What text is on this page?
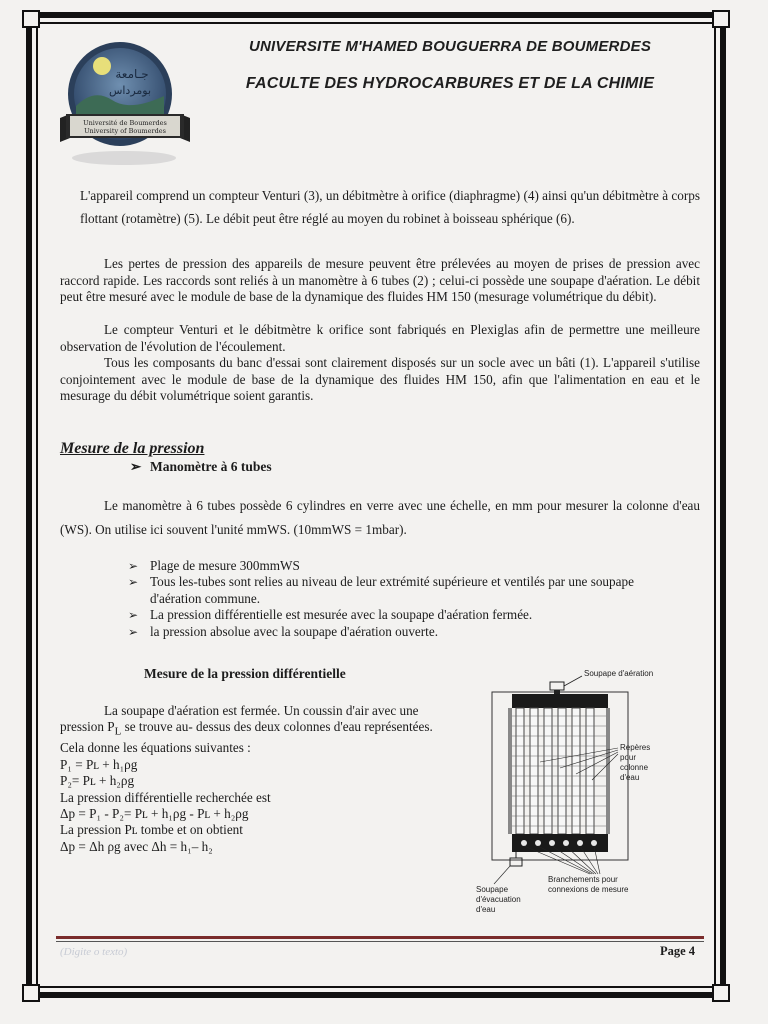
جـامعة
بومرداس
Université de Boumerdes
University of Boumerdes
UNIVERSITE M'HAMED BOUGUERRA DE BOUMERDES
FACULTE DES HYDROCARBURES ET DE LA CHIMIE

L'appareil comprend un compteur Venturi (3), un débitmètre à orifice (diaphragme) (4) ainsi qu'un débitmètre à corps flottant (rotamètre) (5). Le débit peut être réglé au moyen du robinet à boisseau sphérique (6).

Les pertes de pression des appareils de mesure peuvent être prélevées au moyen de prises de pression avec raccord rapide. Les raccords sont reliés à un manomètre à 6 tubes (2) ; celui-ci possède une soupape d'aération. Le débit peut être mesuré avec le module de base de la dynamique des fluides HM 150 (mesurage volumétrique du débit).

Le compteur Venturi et le débitmètre k orifice sont fabriqués en Plexiglas afin de permettre une meilleure observation de l'évolution de l'écoulement.

Tous les composants du banc d'essai sont clairement disposés sur un socle avec un bâti (1). L'appareil s'utilise conjointement avec le module de base de la dynamique des fluides HM 150, afin que l'alimentation en eau et le mesurage du débit volumétrique soient garantis.

Mesure de la pression
➢ Manomètre à 6 tubes

Le manomètre à 6 tubes possède 6 cylindres en verre avec une échelle, en mm pour mesurer la colonne d'eau (WS). On utilise ici souvent l'unité mmWS. (10mmWS = 1mbar).

➢ Plage de mesure 300mmWS
➢ Tous les-tubes sont relies au niveau de leur extrémité supérieure et ventilés par une soupape d'aération commune.
➢ La pression différentielle est mesurée avec la soupape d'aération fermée.
➢ la pression absolue avec la soupape d'aération ouverte.
Mesure de la pression différentielle
La soupape d'aération est fermée. Un coussin d'air avec une pression $P_L$ se trouve au- dessus des deux colonnes d'eau représentées.
Cela donne les équations suivantes :
P₁ = Pʟ + h₁ρg
P₂= Pʟ + h₂ρg
La pression différentielle recherchée est
Δp = P₁ - P₂= Pʟ + h₁ρg - Pʟ + h₂ρg
La pression Pʟ tombe et on obtient
Δp = Δh ρg avec Δh = h₁– h₂
Soupape d'aération
Repères
pour
colonne
d'eau
Soupape
d'évacuation
d'eau
Branchements pour
connexions de mesure
(Digite o texto)	Page 4
